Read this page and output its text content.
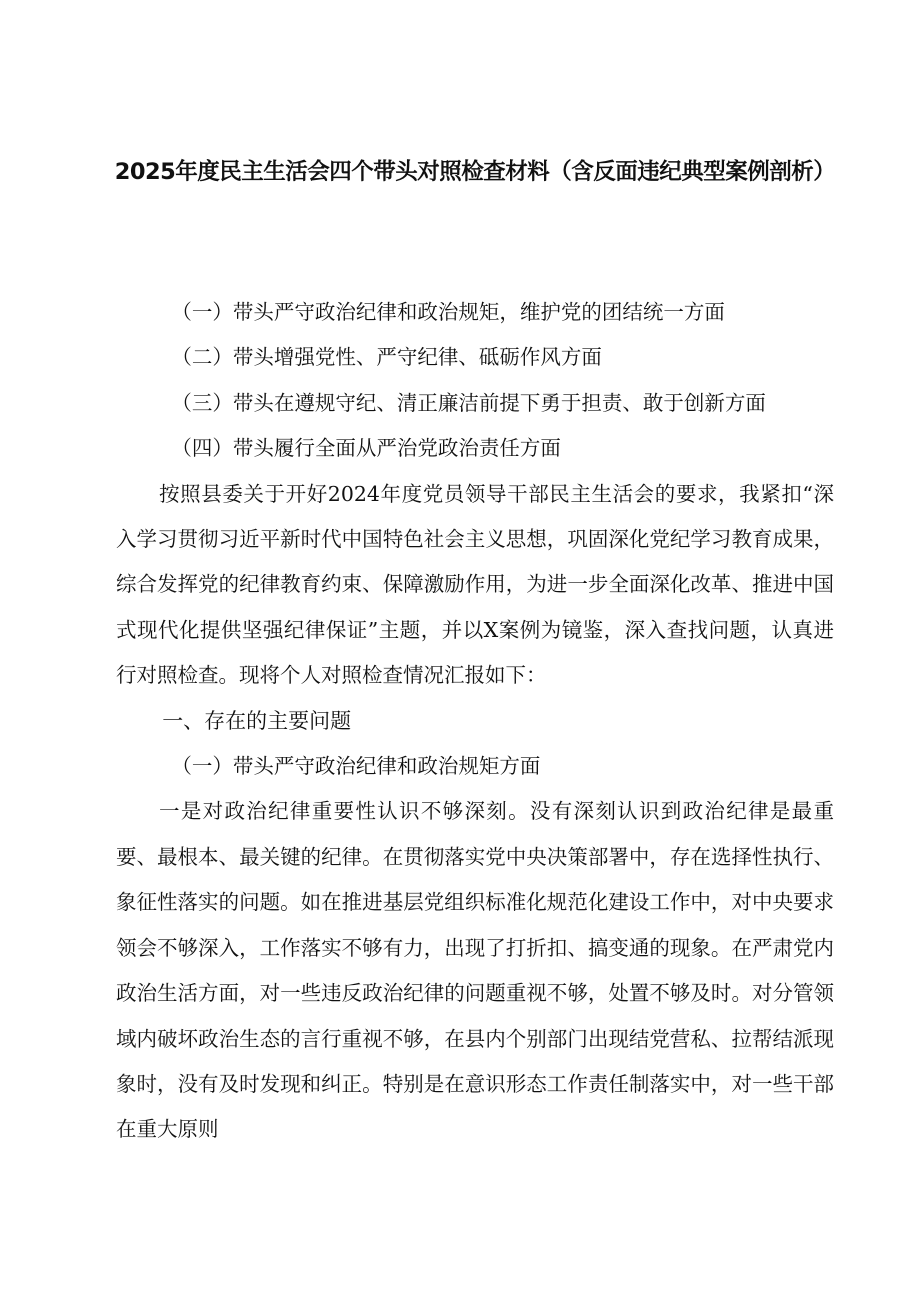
2025年度民主生活会四个带头对照检查材料（含反面违纪典型案例剖析）

（一）带头严守政治纪律和政治规矩，维护党的团结统一方面

（二）带头增强党性、严守纪律、砥砺作风方面

（三）带头在遵规守纪、清正廉洁前提下勇于担责、敢于创新方面

（四）带头履行全面从严治党政治责任方面

按照县委关于开好2024年度党员领导干部民主生活会的要求，我紧扣“深入学习贯彻习近平新时代中国特色社会主义思想，巩固深化党纪学习教育成果，综合发挥党的纪律教育约束、保障激励作用，为进一步全面深化改革、推进中国式现代化提供坚强纪律保证”主题，并以X案例为镜鉴，深入查找问题，认真进行对照检查。现将个人对照检查情况汇报如下：

一、存在的主要问题

（一）带头严守政治纪律和政治规矩方面

一是对政治纪律重要性认识不够深刻。没有深刻认识到政治纪律是最重要、最根本、最关键的纪律。在贯彻落实党中央决策部署中，存在选择性执行、象征性落实的问题。如在推进基层党组织标准化规范化建设工作中，对中央要求领会不够深入，工作落实不够有力，出现了打折扣、搞变通的现象。在严肃党内政治生活方面，对一些违反政治纪律的问题重视不够，处置不够及时。对分管领域内破坏政治生态的言行重视不够，在县内个别部门出现结党营私、拉帮结派现象时，没有及时发现和纠正。特别是在意识形态工作责任制落实中，对一些干部在重大原则
